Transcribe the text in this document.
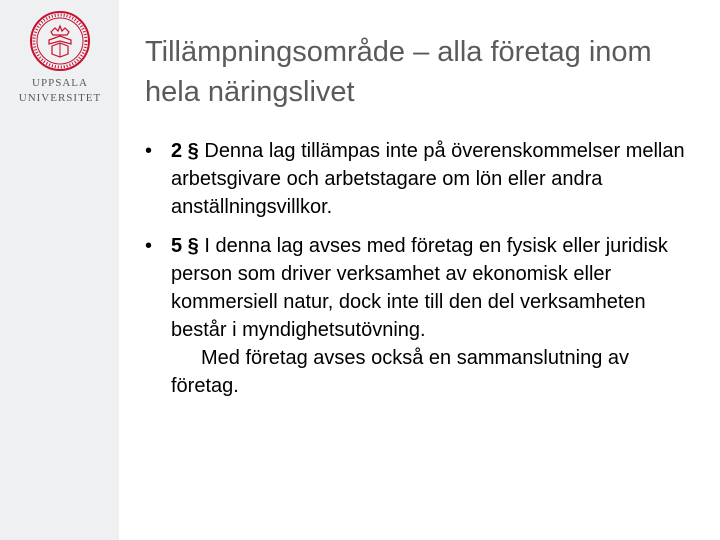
UPPSALA
UNIVERSITET
Tillämpningsområde – alla företag inom hela näringslivet
• 2 § Denna lag tillämpas inte på överenskommelser mellan arbetsgivare och arbetstagare om lön eller andra anställningsvillkor.
• 5 § I denna lag avses med företag en fysisk eller juridisk person som driver verksamhet av ekonomisk eller kommersiell natur, dock inte till den del verksamheten består i myndighetsutövning.
Med företag avses också en sammanslutning av företag.
